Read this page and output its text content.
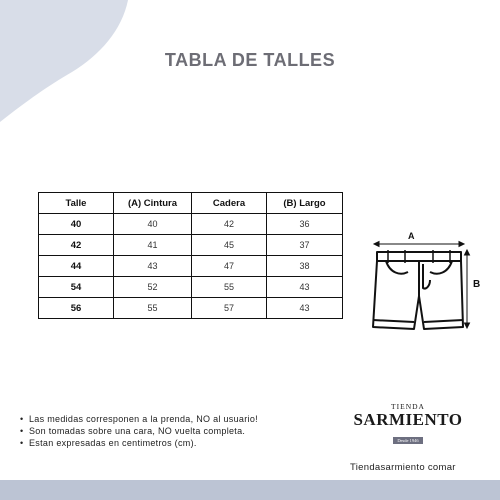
TABLA DE TALLES
Talle	(A) Cintura	Cadera	(B) Largo
40	40	42	36
42	41	45	37
44	43	47	38
54	52	55	43
56	55	57	43
A
B
• Las medidas corresponen a la prenda, NO al usuario!
• Son tomadas sobre una cara, NO vuelta completa.
• Estan expresadas en centimetros (cm).
TIENDA
SARMIENTO
Desde 1946
Tiendasarmiento comar
